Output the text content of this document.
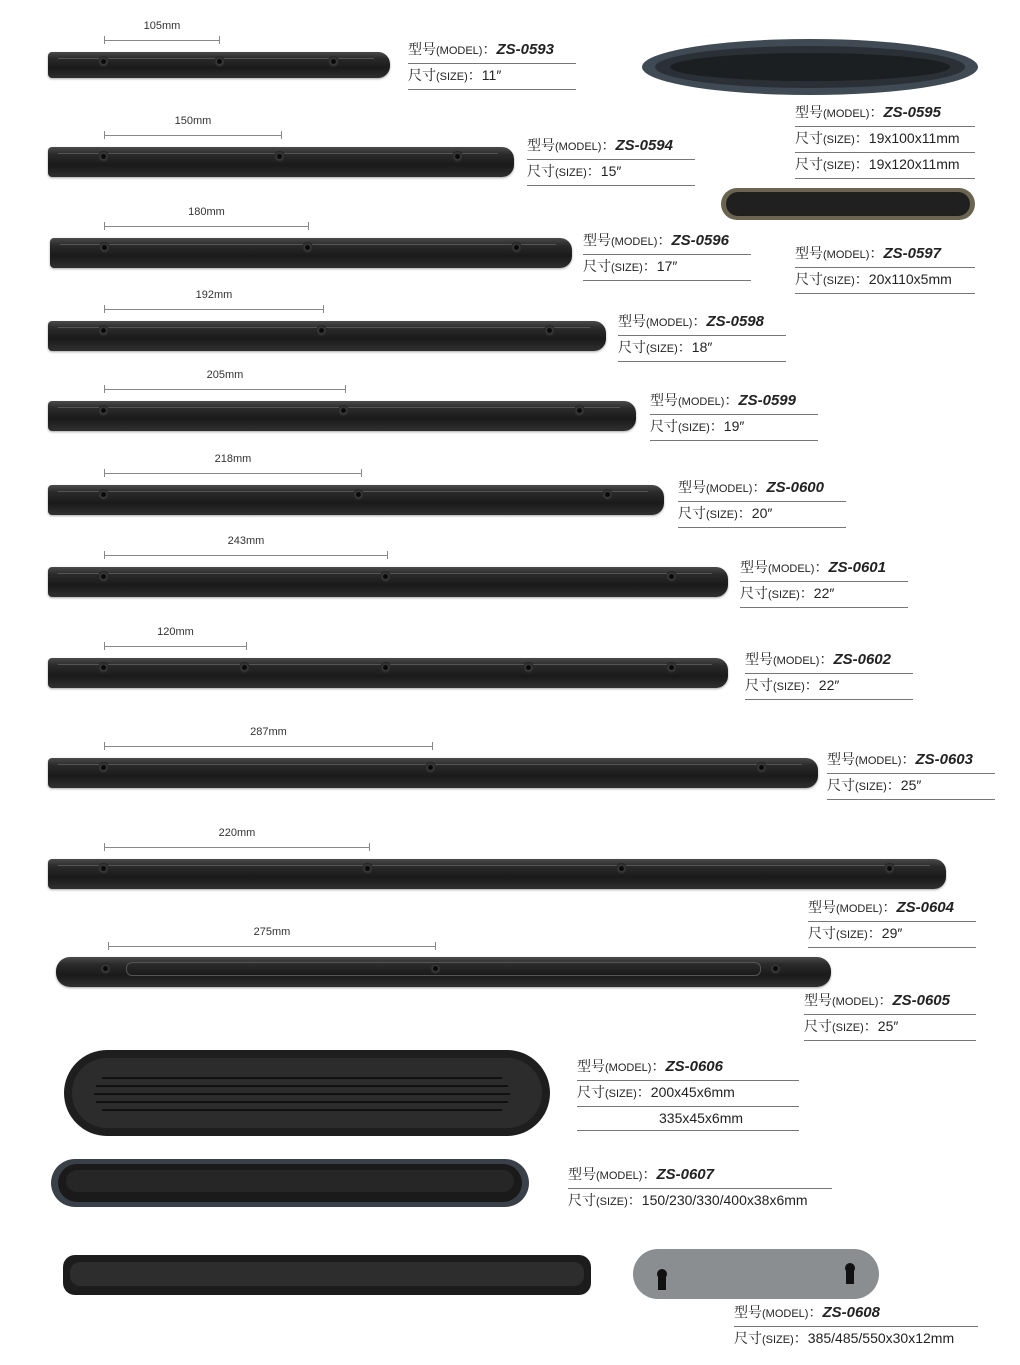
105mm
150mm
180mm
192mm
205mm
218mm
243mm
120mm
287mm
220mm
275mm
型号(MODEL)：ZS-0593
尺寸(SIZE)：11″
型号(MODEL)：ZS-0594
尺寸(SIZE)：15″
型号(MODEL)：ZS-0595
尺寸(SIZE)：19x100x11mm
尺寸(SIZE)：19x120x11mm
型号(MODEL)：ZS-0596
尺寸(SIZE)：17″
型号(MODEL)：ZS-0597
尺寸(SIZE)：20x110x5mm
型号(MODEL)：ZS-0598
尺寸(SIZE)：18″
型号(MODEL)：ZS-0599
尺寸(SIZE)：19″
型号(MODEL)：ZS-0600
尺寸(SIZE)：20″
型号(MODEL)：ZS-0601
尺寸(SIZE)：22″
型号(MODEL)：ZS-0602
尺寸(SIZE)：22″
型号(MODEL)：ZS-0603
尺寸(SIZE)：25″
型号(MODEL)：ZS-0604
尺寸(SIZE)：29″
型号(MODEL)：ZS-0605
尺寸(SIZE)：25″
型号(MODEL)：ZS-0606
尺寸(SIZE)：200x45x6mm
335x45x6mm
型号(MODEL)：ZS-0607
尺寸(SIZE)：150/230/330/400x38x6mm
型号(MODEL)：ZS-0608
尺寸(SIZE)：385/485/550x30x12mm
